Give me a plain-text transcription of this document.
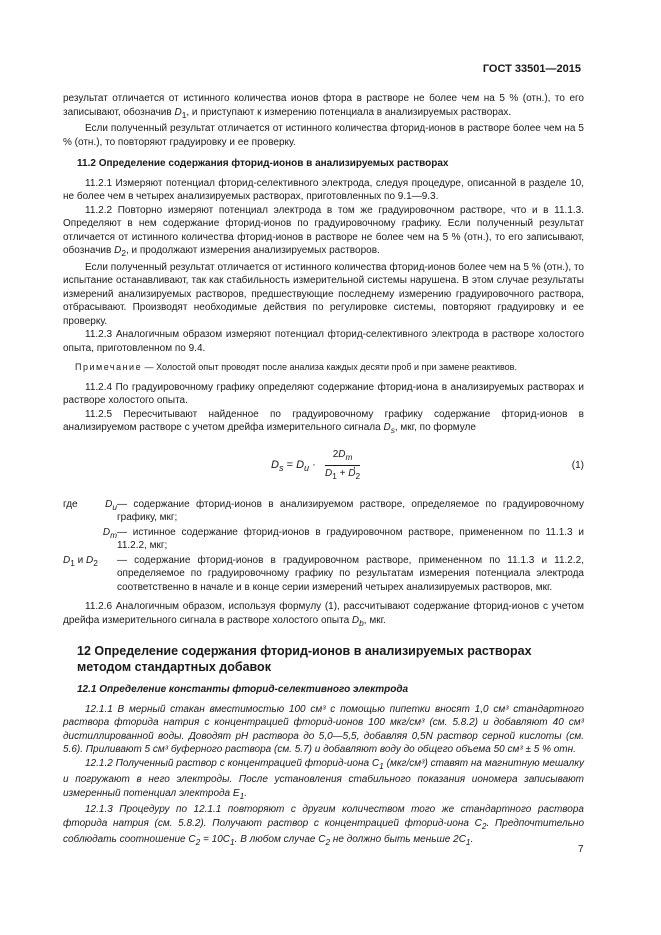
ГОСТ 33501—2015

результат отличается от истинного количества ионов фтора в растворе не более чем на 5 % (отн.), то его записывают, обозначив $D_1$, и приступают к измерению потенциала в анализируемых растворах.

Если полученный результат отличается от истинного количества фторид-ионов в растворе более чем на 5 % (отн.), то повторяют градуировку и ее проверку.

11.2 Определение содержания фторид-ионов в анализируемых растворах

11.2.1 Измеряют потенциал фторид-селективного электрода, следуя процедуре, описанной в разделе 10, не более чем в четырех анализируемых растворах, приготовленных по 9.1—9.3.

11.2.2 Повторно измеряют потенциал электрода в том же градуировочном растворе, что и в 11.1.3. Определяют в нем содержание фторид-ионов по градуировочному графику. Если полученный результат отличается от истинного количества фторид-ионов в растворе не более чем на 5 % (отн.), то его записывают, обозначив $D_2$, и продолжают измерения анализируемых растворов.

Если полученный результат отличается от истинного количества фторид-ионов более чем на 5 % (отн.), то испытание останавливают, так как стабильность измерительной системы нарушена. В этом случае результаты измерений анализируемых растворов, предшествующие последнему измерению градуировочного раствора, отбрасывают. Производят необходимые действия по регулировке системы, повторяют градуировку и ее проверку.

11.2.3 Аналогичным образом измеряют потенциал фторид-селективного электрода в растворе холостого опыта, приготовленном по 9.4.

Примечание — Холостой опыт проводят после анализа каждых десяти проб и при замене реактивов.

11.2.4 По градуировочному графику определяют содержание фторид-иона в анализируемых растворах и растворе холостого опыта.

11.2.5 Пересчитывают найденное по градуировочному графику содержание фторид-ионов в анализируемом растворе с учетом дрейфа измерительного сигнала $D_s$, мкг, по формуле

$D_s = D_u \cdot \frac{2D_m}{D_1 + D_2}$
,	(1)
где	$D_u$	— содержание фторид-ионов в анализируемом растворе, определяемое по градуировочному графику, мкг;
	$D_m$	— истинное содержание фторид-ионов в градуировочном растворе, примененном по 11.1.3 и 11.2.2, мкг;
$D_1$ и $D_2$		— содержание фторид-ионов в градуировочном растворе, примененном по 11.1.3 и 11.2.2, определяемое по градуировочному графику по результатам измерения потенциала электрода соответственно в начале и в конце серии измерений четырех анализируемых растворов, мкг.

11.2.6 Аналогичным образом, используя формулу (1), рассчитывают содержание фторид-ионов с учетом дрейфа измерительного сигнала в растворе холостого опыта $D_b$, мкг.

12 Определение содержания фторид-ионов в анализируемых растворах методом стандартных добавок
12.1 Определение константы фторид-селективного электрода

12.1.1 В мерный стакан вместимостью 100 см³ с помощью пипетки вносят 1,0 см³ стандартного раствора фторида натрия с концентрацией фторид-ионов 100 мкг/см³ (см. 5.8.2) и добавляют 40 см³ дистиллированной воды. Доводят pH раствора до 5,0—5,5, добавляя 0,5N раствор серной кислоты (см. 5.6). Приливают 5 см³ буферного раствора (см. 5.7) и добавляют воду до общего объема 50 см³ ± 5 % отн.

12.1.2 Полученный раствор с концентрацией фторид-иона $C_1$ (мкг/см³) ставят на магнитную мешалку и погружают в него электроды. После установления стабильного показания иономера записывают измеренный потенциал электрода $E_1$.

12.1.3 Процедуру по 12.1.1 повторяют с другим количеством того же стандартного раствора фторида натрия (см. 5.8.2). Получают раствор с концентрацией фторид-иона $C_2$. Предпочтительно соблюдать соотношение $C_2 = 10C_1$. В любом случае $C_2$ не должно быть меньше $2C_1$.

7
